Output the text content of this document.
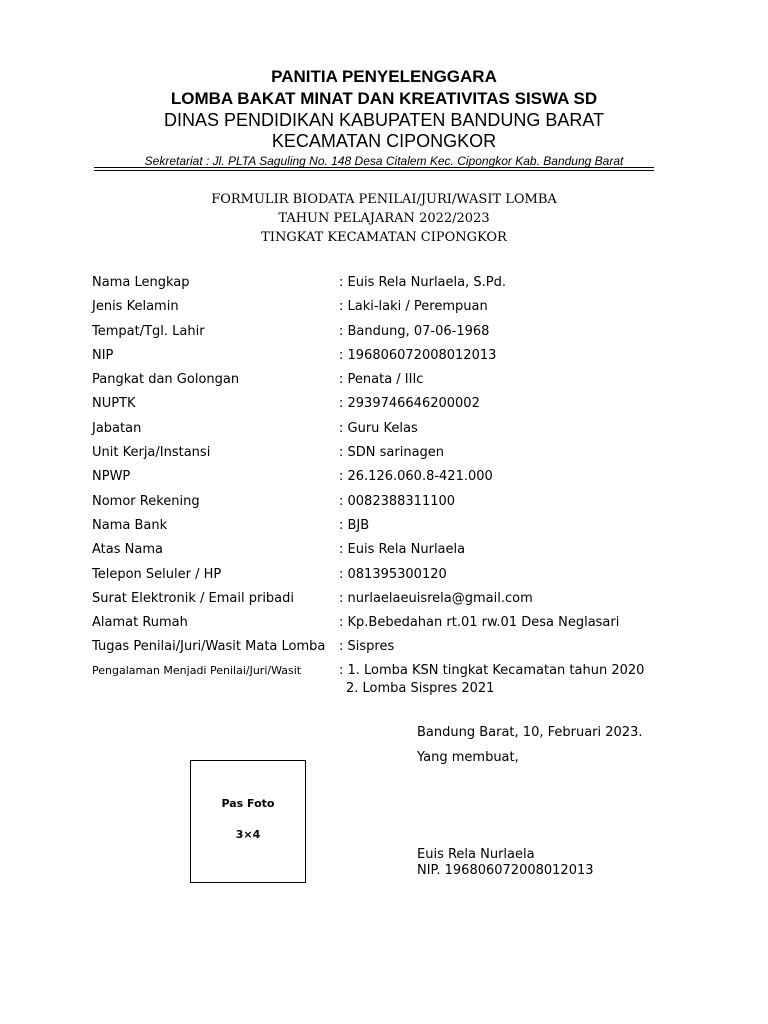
PANITIA PENYELENGGARA
LOMBA BAKAT MINAT DAN KREATIVITAS SISWA SD
DINAS PENDIDIKAN KABUPATEN BANDUNG BARAT
KECAMATAN CIPONGKOR
Sekretariat : Jl. PLTA Saguling No. 148 Desa Citalem Kec. Cipongkor Kab. Bandung Barat
FORMULIR BIODATA PENILAI/JURI/WASIT LOMBA
TAHUN PELAJARAN 2022/2023
TINGKAT KECAMATAN CIPONGKOR
Nama Lengkap	: Euis Rela Nurlaela, S.Pd.
Jenis Kelamin	: Laki-laki / Perempuan
Tempat/Tgl. Lahir	: Bandung, 07-06-1968
NIP	: 196806072008012013
Pangkat dan Golongan	: Penata / IIIc
NUPTK	: 2939746646200002
Jabatan	: Guru Kelas
Unit Kerja/Instansi	: SDN sarinagen
NPWP	: 26.126.060.8-421.000
Nomor Rekening	: 0082388311100
Nama Bank	: BJB
Atas Nama	: Euis Rela Nurlaela
Telepon Seluler / HP	: 081395300120
Surat Elektronik / Email pribadi	: nurlaelaeuisrela@gmail.com
Alamat Rumah	: Kp.Bebedahan rt.01 rw.01 Desa Neglasari
Tugas Penilai/Juri/Wasit Mata Lomba	: Sispres
Pengalaman Menjadi Penilai/Juri/Wasit	: 1. Lomba KSN tingkat Kecamatan tahun 2020
2. Lomba Sispres 2021
Bandung Barat, 10, Februari 2023.
Yang membuat,
Euis Rela Nurlaela
NIP. 196806072008012013
Pas Foto
3×4
